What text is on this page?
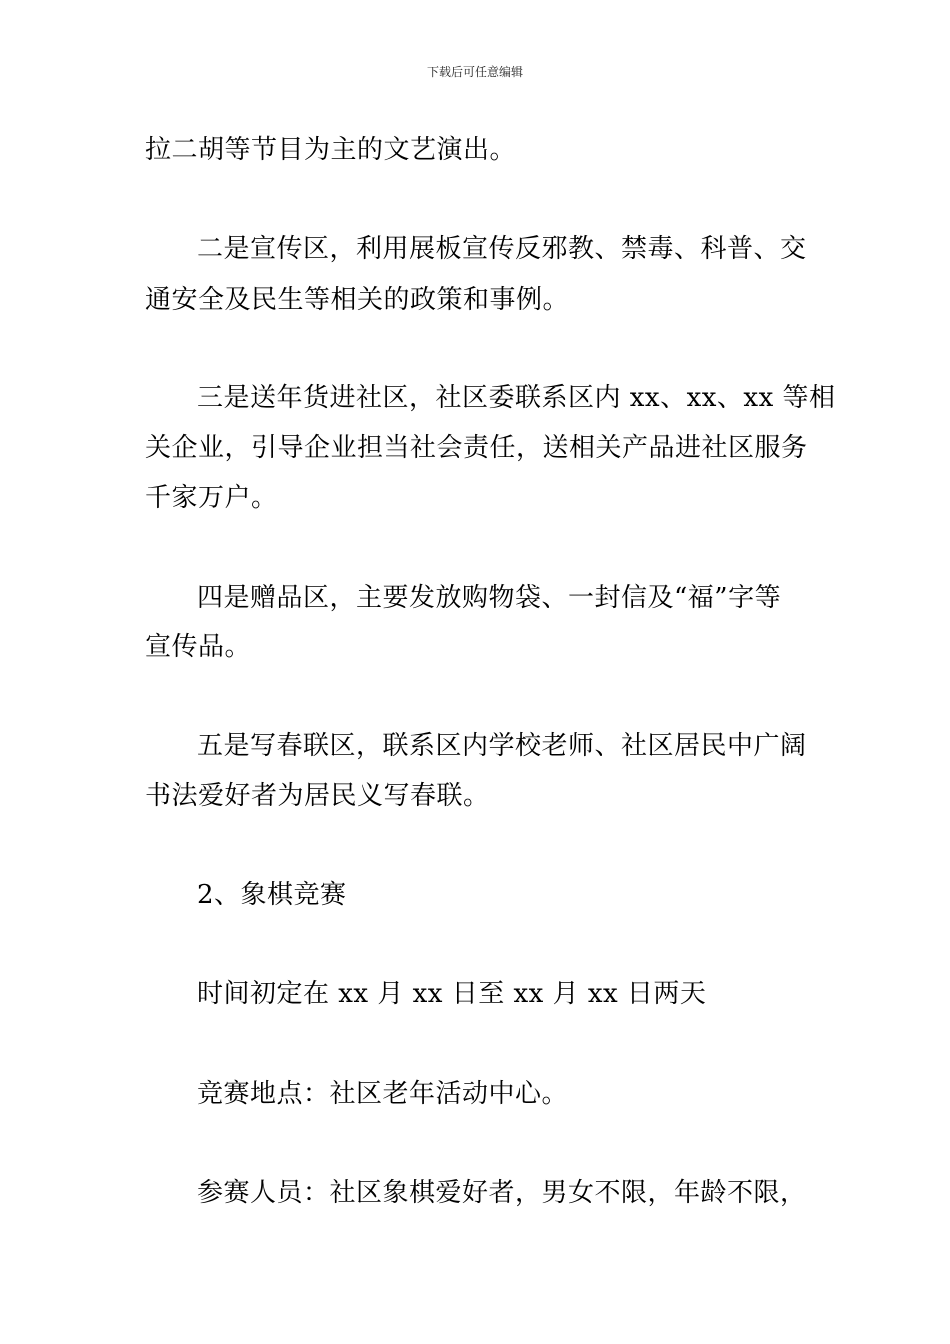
下载后可任意编辑
拉二胡等节目为主的文艺演出。
二是宣传区，利用展板宣传反邪教、禁毒、科普、交
通安全及民生等相关的政策和事例。
三是送年货进社区，社区委联系区内 xx、xx、xx 等相
关企业，引导企业担当社会责任，送相关产品进社区服务
千家万户。
四是赠品区，主要发放购物袋、一封信及“福”字等
宣传品。
五是写春联区，联系区内学校老师、社区居民中广阔
书法爱好者为居民义写春联。
2、象棋竞赛
时间初定在 xx 月 xx 日至 xx 月 xx 日两天
竞赛地点：社区老年活动中心。
参赛人员：社区象棋爱好者，男女不限，年龄不限，
